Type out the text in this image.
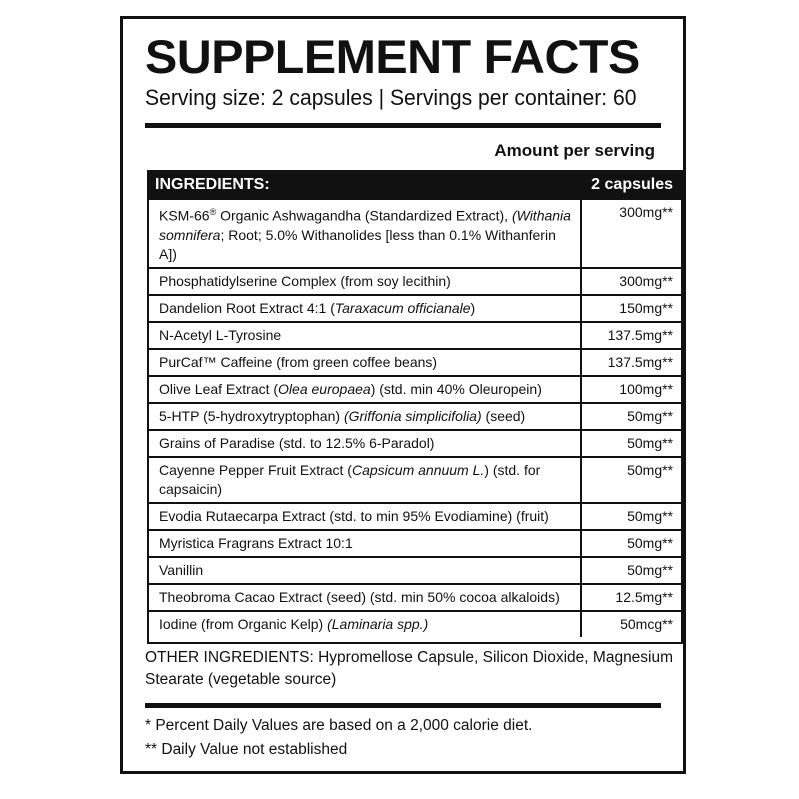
SUPPLEMENT FACTS
Serving size: 2 capsules | Servings per container: 60
Amount per serving
INGREDIENTS:	2 capsules
KSM-66® Organic Ashwagandha (Standardized Extract), (Withania somnifera; Root; 5.0% Withanolides [less than 0.1% Withanferin A])	300mg**
Phosphatidylserine Complex (from soy lecithin)	300mg**
Dandelion Root Extract 4:1 (Taraxacum officianale)	150mg**
N-Acetyl L-Tyrosine	137.5mg**
PurCaf™ Caffeine (from green coffee beans)	137.5mg**
Olive Leaf Extract (Olea europaea) (std. min 40% Oleuropein)	100mg**
5-HTP (5-hydroxytryptophan) (Griffonia simplicifolia) (seed)	50mg**
Grains of Paradise (std. to 12.5% 6-Paradol)	50mg**
Cayenne Pepper Fruit Extract (Capsicum annuum L.) (std. for capsaicin)	50mg**
Evodia Rutaecarpa Extract (std. to min 95% Evodiamine) (fruit)	50mg**
Myristica Fragrans Extract 10:1	50mg**
Vanillin	50mg**
Theobroma Cacao Extract (seed) (std. min 50% cocoa alkaloids)	12.5mg**
Iodine (from Organic Kelp) (Laminaria spp.)	50mcg**
OTHER INGREDIENTS: Hypromellose Capsule, Silicon Dioxide, Magnesium Stearate (vegetable source)
* Percent Daily Values are based on a 2,000 calorie diet.
** Daily Value not established
